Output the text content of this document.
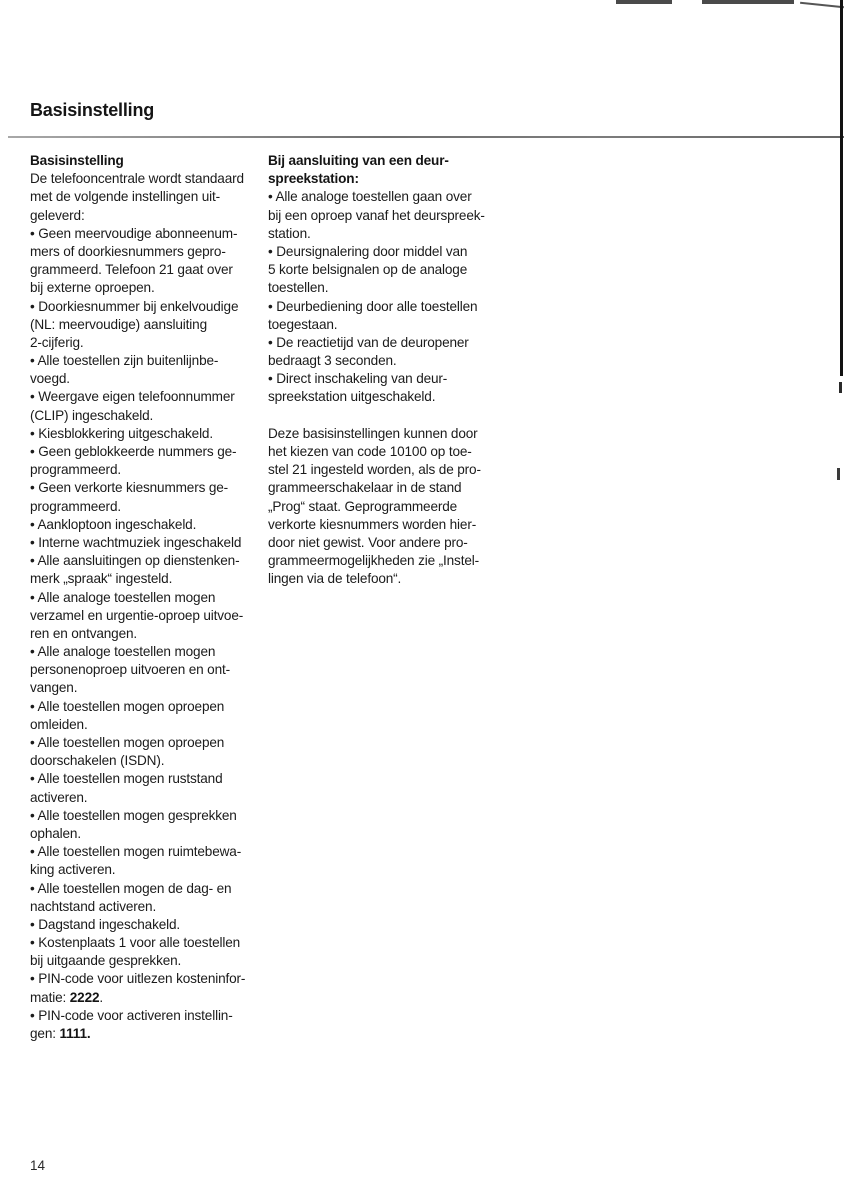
Basisinstelling
Basisinstelling
De telefooncentrale wordt standaard
met de volgende instellingen uit-
geleverd:
• Geen meervoudige abonneenum-
mers of doorkiesnummers gepro-
grammeerd. Telefoon 21 gaat over
bij externe oproepen.
• Doorkiesnummer bij enkelvoudige
(NL: meervoudige) aansluiting
2-cijferig.
• Alle toestellen zijn buitenlijnbe-
voegd.
• Weergave eigen telefoonnummer
(CLIP) ingeschakeld.
• Kiesblokkering uitgeschakeld.
• Geen geblokkeerde nummers ge-
programmeerd.
• Geen verkorte kiesnummers ge-
programmeerd.
• Aankloptoon ingeschakeld.
• Interne wachtmuziek ingeschakeld
• Alle aansluitingen op dienstenken-
merk „spraak“ ingesteld.
• Alle analoge toestellen mogen
verzamel en urgentie-oproep uitvoe-
ren en ontvangen.
• Alle analoge toestellen mogen
personenoproep uitvoeren en ont-
vangen.
• Alle toestellen mogen oproepen
omleiden.
• Alle toestellen mogen oproepen
doorschakelen (ISDN).
• Alle toestellen mogen ruststand
activeren.
• Alle toestellen mogen gesprekken
ophalen.
• Alle toestellen mogen ruimtebewa-
king activeren.
• Alle toestellen mogen de dag- en
nachtstand activeren.
• Dagstand ingeschakeld.
• Kostenplaats 1 voor alle toestellen
bij uitgaande gesprekken.
• PIN-code voor uitlezen kosteninfor-
matie: 2222.
• PIN-code voor activeren instellin-
gen: 1111.
Bij aansluiting van een deur-
spreekstation:
• Alle analoge toestellen gaan over
bij een oproep vanaf het deurspreek-
station.
• Deursignalering door middel van
5 korte belsignalen op de analoge
toestellen.
• Deurbediening door alle toestellen
toegestaan.
• De reactietijd van de deuropener
bedraagt 3 seconden.
• Direct inschakeling van deur-
spreekstation uitgeschakeld.

Deze basisinstellingen kunnen door
het kiezen van code 10100 op toe-
stel 21 ingesteld worden, als de pro-
grammeerschakelaar in de stand
„Prog“ staat. Geprogrammeerde
verkorte kiesnummers worden hier-
door niet gewist. Voor andere pro-
grammeermogelijkheden zie „Instel-
lingen via de telefoon“.
14
